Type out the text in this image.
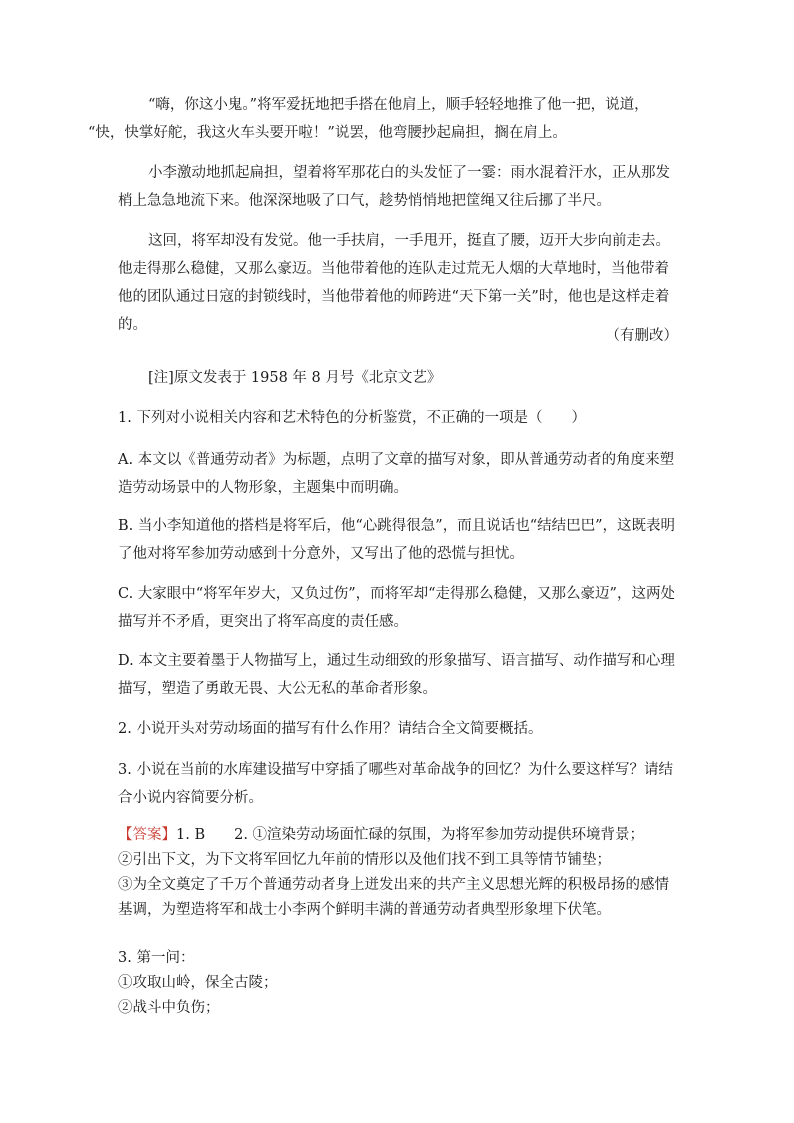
“嗨，你这小鬼。”将军爱抚地把手搭在他肩上，顺手轻轻地推了他一把，说道，
“快，快掌好舵，我这火车头要开啦！”说罢，他弯腰抄起扁担，搁在肩上。

小李激动地抓起扁担，望着将军那花白的头发怔了一霎：雨水混着汗水，正从那发梢上急急地流下来。他深深地吸了口气，趁势悄悄地把筐绳又往后挪了半尺。

这回，将军却没有发觉。他一手扶肩，一手甩开，挺直了腰，迈开大步向前走去。他走得那么稳健，又那么豪迈。当他带着他的连队走过荒无人烟的大草地时，当他带着他的团队通过日寇的封锁线时，当他带着他的师跨进“天下第一关”时，他也是这样走着的。

（有删改）

[注]原文发表于 1958 年 8 月号《北京文艺》

1. 下列对小说相关内容和艺术特色的分析鉴赏，不正确的一项是（　　）

A. 本文以《普通劳动者》为标题，点明了文章的描写对象，即从普通劳动者的角度来塑造劳动场景中的人物形象，主题集中而明确。

B. 当小李知道他的搭档是将军后，他“心跳得很急”，而且说话也“结结巴巴”，这既表明了他对将军参加劳动感到十分意外，又写出了他的恐慌与担忧。

C. 大家眼中“将军年岁大，又负过伤”，而将军却“走得那么稳健，又那么豪迈”，这两处描写并不矛盾，更突出了将军高度的责任感。

D. 本文主要着墨于人物描写上，通过生动细致的形象描写、语言描写、动作描写和心理描写，塑造了勇敢无畏、大公无私的革命者形象。

2. 小说开头对劳动场面的描写有什么作用？请结合全文简要概括。

3. 小说在当前的水库建设描写中穿插了哪些对革命战争的回忆？为什么要这样写？请结合小说内容简要分析。

【答案】1. B　　2. ①渲染劳动场面忙碌的氛围，为将军参加劳动提供环境背景；
②引出下文，为下文将军回忆九年前的情形以及他们找不到工具等情节铺垫；
③为全文奠定了千万个普通劳动者身上迸发出来的共产主义思想光辉的积极昂扬的感情基调，为塑造将军和战士小李两个鲜明丰满的普通劳动者典型形象埋下伏笔。
3. 第一问：
①攻取山岭，保全古陵；
②战斗中负伤；
